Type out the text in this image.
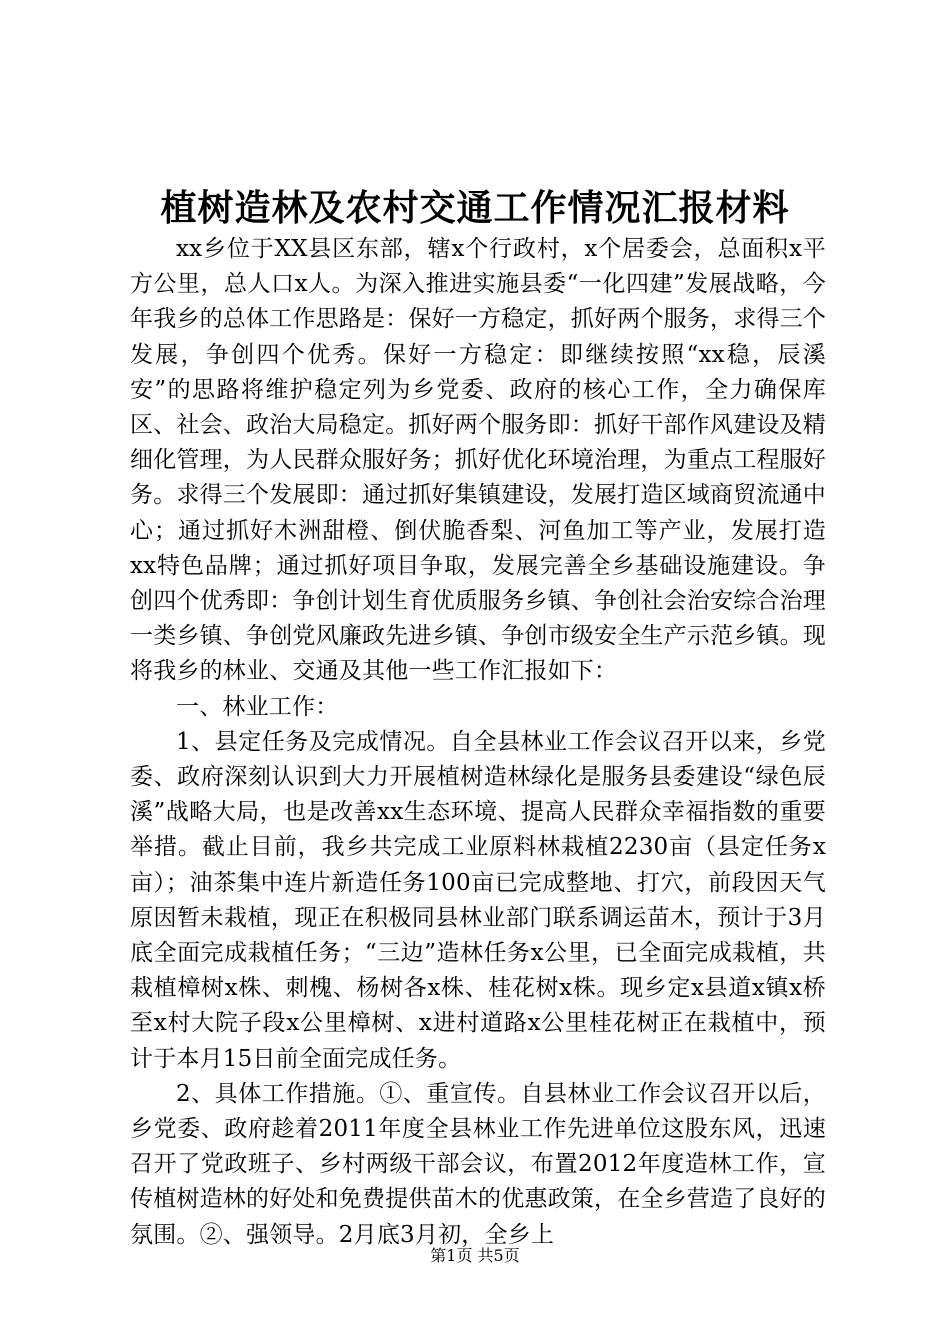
植树造林及农村交通工作情况汇报材料

xx乡位于XX县区东部，辖x个行政村，x个居委会，总面积x平方公里，总人口x人。为深入推进实施县委“一化四建”发展战略，今年我乡的总体工作思路是：保好一方稳定，抓好两个服务，求得三个发展，争创四个优秀。保好一方稳定：即继续按照“xx稳，辰溪安”的思路将维护稳定列为乡党委、政府的核心工作，全力确保库区、社会、政治大局稳定。抓好两个服务即：抓好干部作风建设及精细化管理，为人民群众服好务；抓好优化环境治理，为重点工程服好务。求得三个发展即：通过抓好集镇建设，发展打造区域商贸流通中心；通过抓好木洲甜橙、倒伏脆香梨、河鱼加工等产业，发展打造xx特色品牌；通过抓好项目争取，发展完善全乡基础设施建设。争创四个优秀即：争创计划生育优质服务乡镇、争创社会治安综合治理一类乡镇、争创党风廉政先进乡镇、争创市级安全生产示范乡镇。现将我乡的林业、交通及其他一些工作汇报如下：

一、林业工作：

1、县定任务及完成情况。自全县林业工作会议召开以来，乡党委、政府深刻认识到大力开展植树造林绿化是服务县委建设“绿色辰溪”战略大局，也是改善xx生态环境、提高人民群众幸福指数的重要举措。截止目前，我乡共完成工业原料林栽植2230亩（县定任务x亩）；油茶集中连片新造任务100亩已完成整地、打穴，前段因天气原因暂未栽植，现正在积极同县林业部门联系调运苗木，预计于3月底全面完成栽植任务；“三边”造林任务x公里，已全面完成栽植，共栽植樟树x株、刺槐、杨树各x株、桂花树x株。现乡定x县道x镇x桥至x村大院子段x公里樟树、x进村道路x公里桂花树正在栽植中，预计于本月15日前全面完成任务。

2、具体工作措施。①、重宣传。自县林业工作会议召开以后，乡党委、政府趁着2011年度全县林业工作先进单位这股东风，迅速召开了党政班子、乡村两级干部会议，布置2012年度造林工作，宣传植树造林的好处和免费提供苗木的优惠政策，在全乡营造了良好的氛围。②、强领导。2月底3月初，全乡上

第1页 共5页
